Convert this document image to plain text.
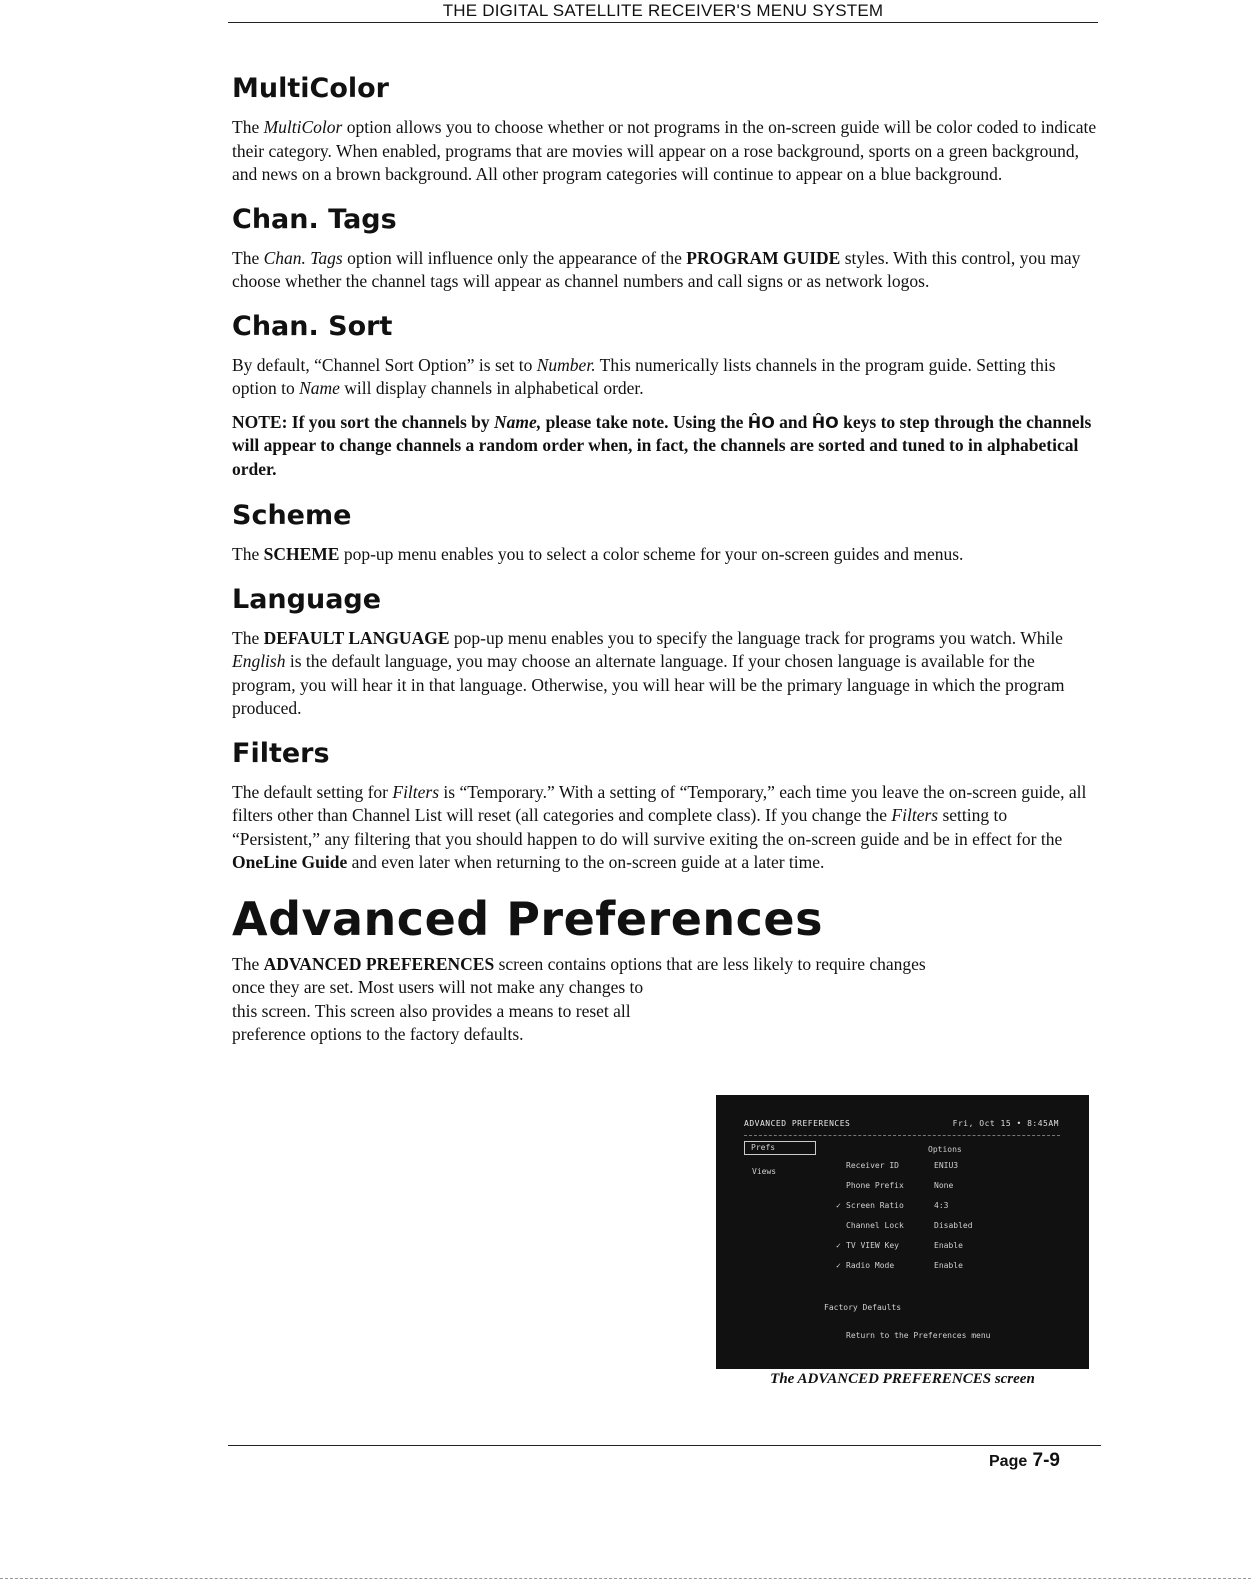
THE DIGITAL SATELLITE RECEIVER'S MENU SYSTEM
MultiColor

The MultiColor option allows you to choose whether or not programs in the on-screen guide will be color coded to indicate their category. When enabled, programs that are movies will appear on a rose background, sports on a green background, and news on a brown background. All other program categories will continue to appear on a blue background.

Chan. Tags

The Chan. Tags option will influence only the appearance of the PROGRAM GUIDE styles. With this control, you may choose whether the channel tags will appear as channel numbers and call signs or as network logos.

Chan. Sort

By default, “Channel Sort Option” is set to Number. This numerically lists channels in the program guide. Setting this option to Name will display channels in alphabetical order.

NOTE: If you sort the channels by Name, please take note. Using the ĤO and ĤO keys to step through the channels will appear to change channels a random order when, in fact, the channels are sorted and tuned to in alphabetical order.

Scheme

The SCHEME pop-up menu enables you to select a color scheme for your on-screen guides and menus.

Language

The DEFAULT LANGUAGE pop-up menu enables you to specify the language track for programs you watch. While English is the default language, you may choose an alternate language. If your chosen language is available for the program, you will hear it in that language. Otherwise, you will hear will be the primary language in which the program produced.

Filters

The default setting for Filters is “Temporary.” With a setting of “Temporary,” each time you leave the on-screen guide, all filters other than Channel List will reset (all categories and complete class). If you change the Filters setting to “Persistent,” any filtering that you should happen to do will survive exiting the on-screen guide and be in effect for the OneLine Guide and even later when returning to the on-screen guide at a later time.

Advanced Preferences

The ADVANCED PREFERENCES screen contains options that are less likely to require changes

once they are set. Most users will not make any changes to this screen. This screen also provides a means to reset all preference options to the factory defaults.
ADVANCED PREFERENCES	Fri, Oct 15 • 8:45AM
Prefs
Views
Options
Receiver ID	ENIU3
Phone Prefix	None
✓ Screen Ratio	4:3
Channel Lock	Disabled
✓ TV VIEW Key	Enable
✓ Radio Mode	Enable
Factory Defaults
Return to the Preferences menu
The ADVANCED PREFERENCES screen
Page 7-9
